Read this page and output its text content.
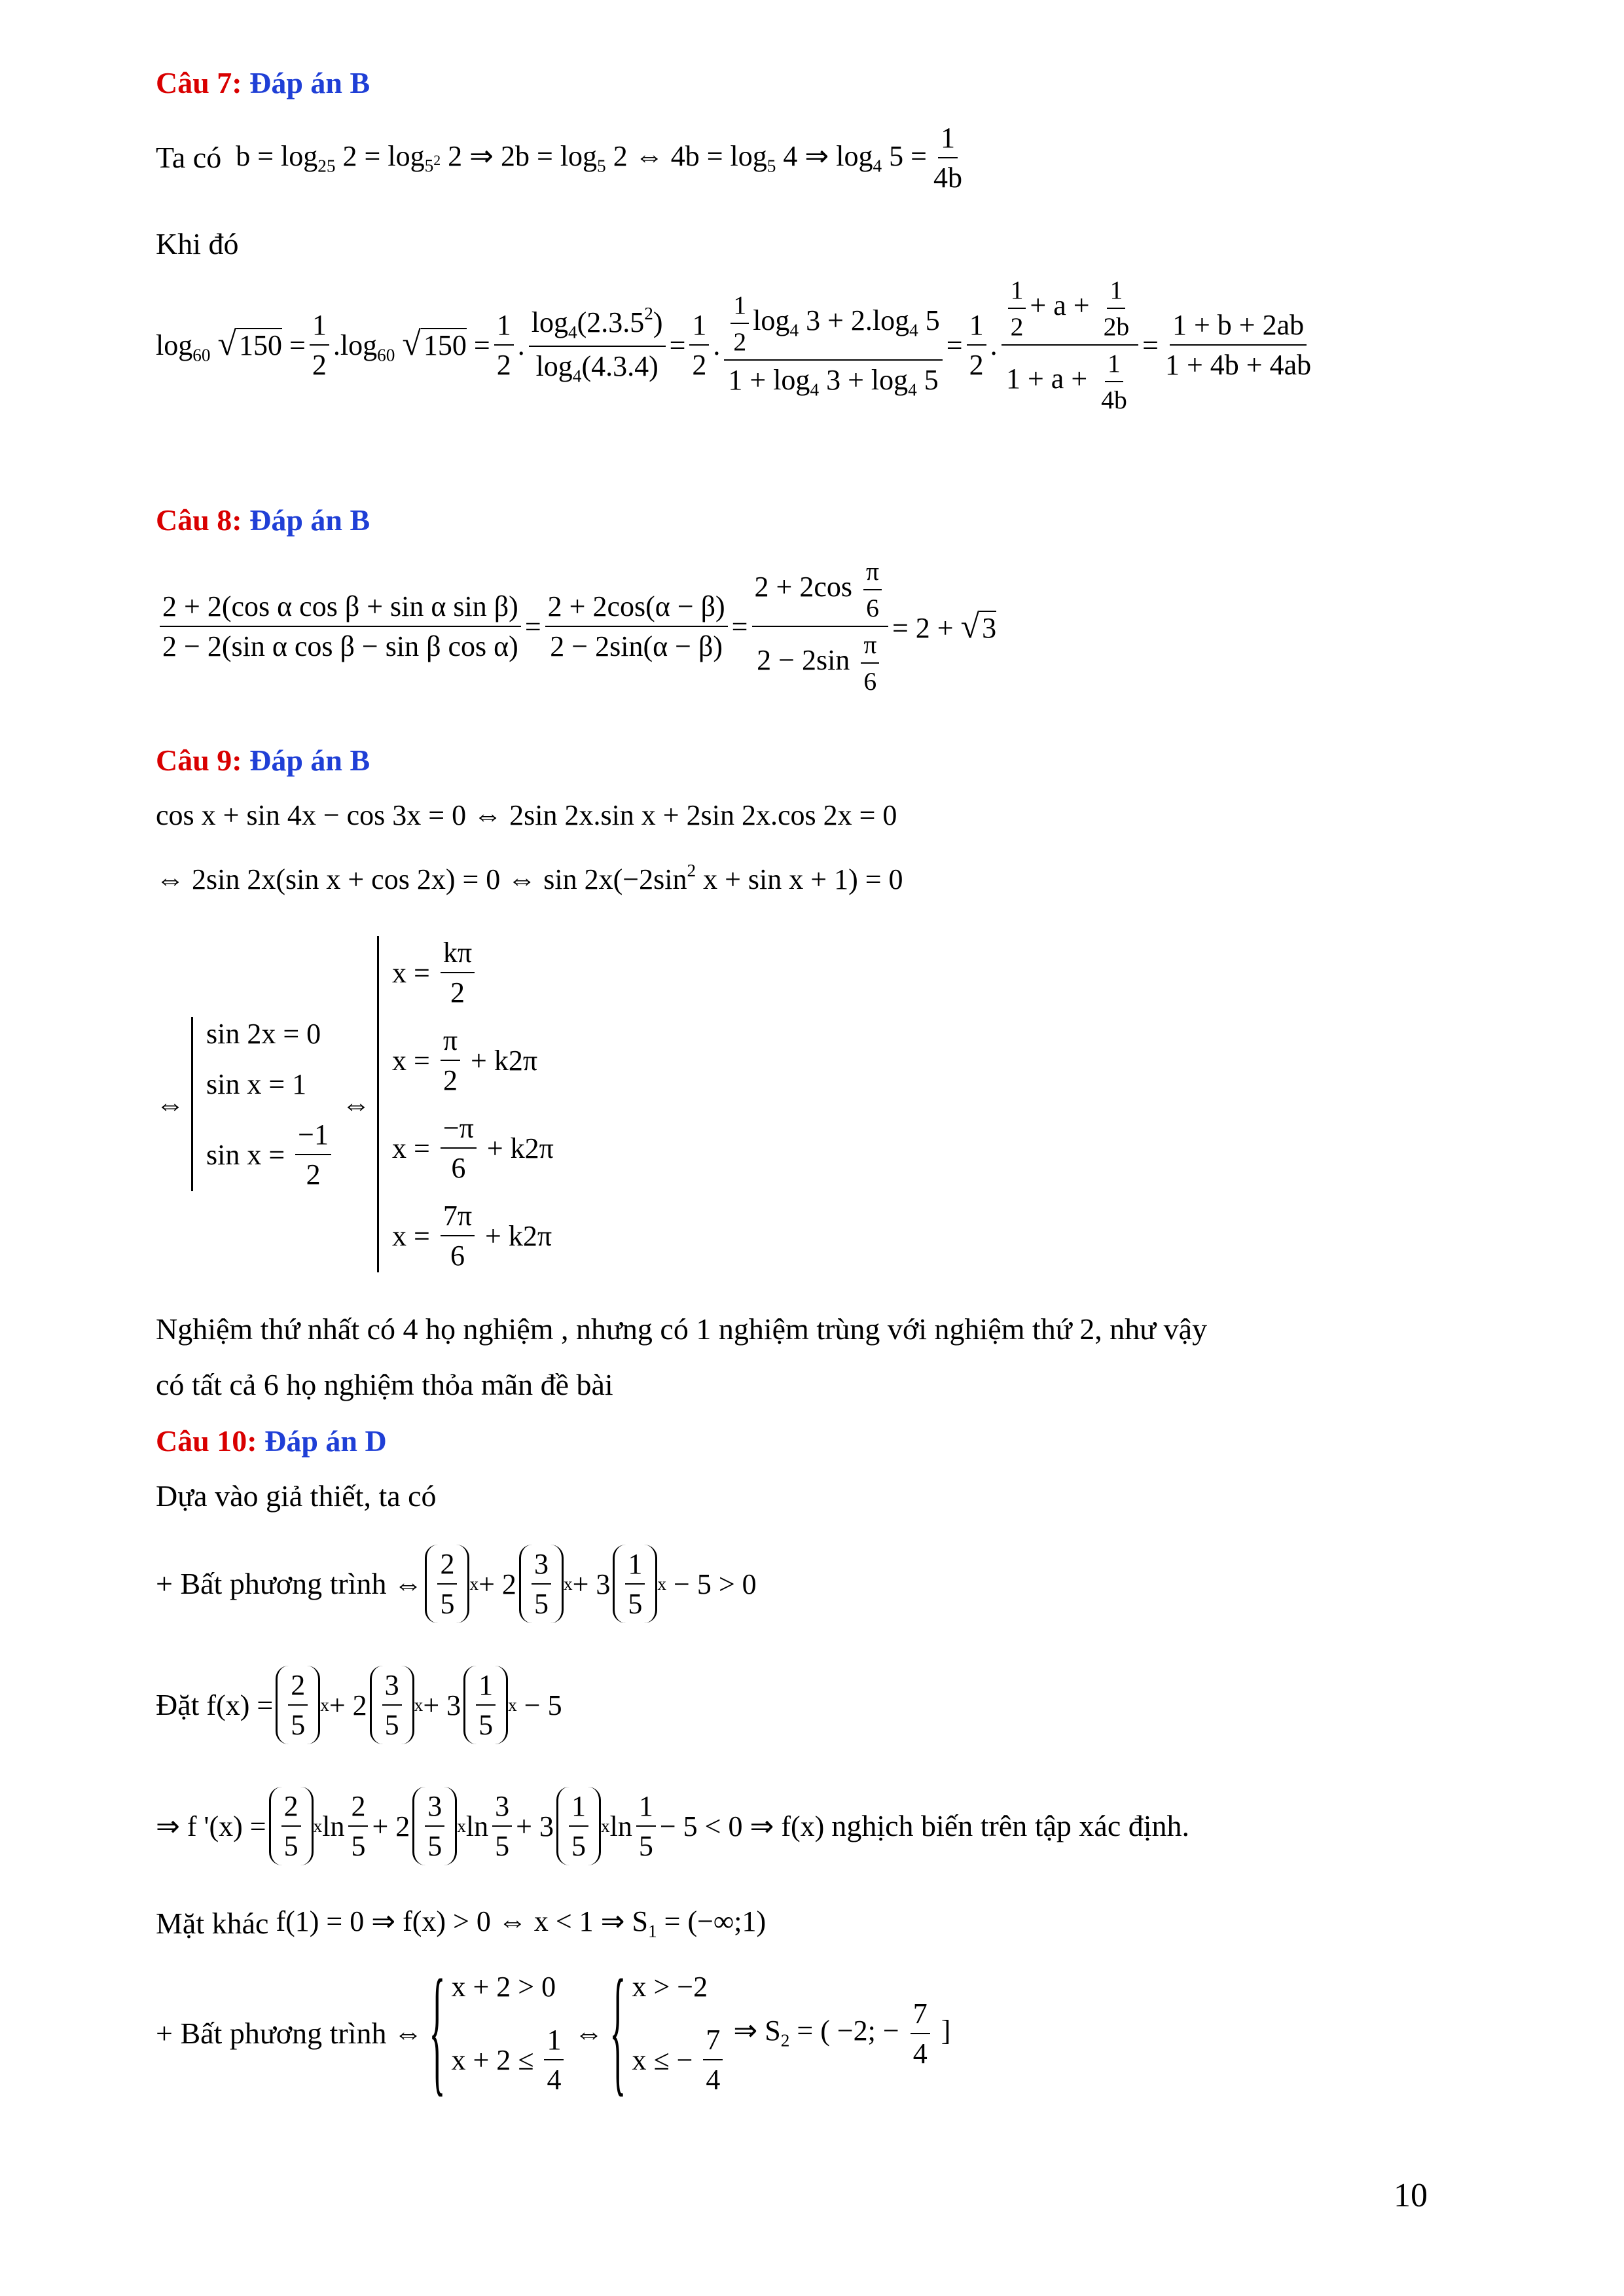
Câu 7: Đáp án B
Ta có $b = \log_{25} 2 = \log_{5^2} 2$ ⇒ $2b = \log_5 2$ ⇔ $4b = \log_5 4$ ⇒ $\log_4 5 = \frac{1}{4b}$
Khi đó
$\log_{60} √150 = \frac{1}{2} .\log_{60}$ $√150 = \frac{1}{2}$ . $\frac{\log_4(2.3.5^2)}{\log_4(4.3.4)} = \frac{1}{2}$ . $\frac{\frac{1}{2} \log_4 3 + 2.\log_4 5}{1 + \log_4 3 + \log_4 5} = \frac{1}{2}$ . $\frac{\frac{1}{2} + a + \frac{1}{2b}}{1 + a + \frac{1}{4b}} = \frac{1 + b + 2ab}{1 + 4b + 4ab}$
Câu 8: Đáp án B
$\frac{\text{2 + 2(cos α cos β + sin α sin β)}}{\text{2 − 2(sin α cos β − sin β cos α)}} = \frac{2 + 2\cos(\alpha - \beta)}{2 - 2\sin(\alpha - \beta)} = \frac{2 + 2\cos \frac{\pi}{6}}{2 - 2\sin \frac{\pi}{6}} = 2 + √3$
Câu 9: Đáp án B
cos x + sin 4x − cos 3x = 0 ⇔ 2sin 2x.sin x + 2sin 2x.cos 2x = 0
⇔ 2sin 2x(sin x + cos 2x) = 0 ⇔ $\sin 2x(-2\sin^2$ x + sin x + 1) = 0
⇔
sin 2x = 0
sin x = 1
$\sin x = \frac{-1}{2}$
⇔
$x = \frac{k\pi}{2}$
$x = \frac{\pi}{2} + k2\pi$
$x = \frac{-\pi}{6} + k2\pi$
$x = \frac{7\pi}{6} + k2\pi$
Nghiệm thứ nhất có 4 họ nghiệm , nhưng có 1 nghiệm trùng với nghiệm thứ 2, như vậy
có tất cả 6 họ nghiệm thỏa mãn đề bài
Câu 10: Đáp án D
Dựa vào giả thiết, ta có
+ Bất phương trình ⇔ $\frac{2}{5}$ $x + 2 \frac{3}{5}$ $x + 3 \frac{1}{5}$ x − 5 > 0
Đặt $f(x) = \frac{2}{5}$ $x + 2 \frac{3}{5}$ $x + 3 \frac{1}{5}$ x − 5
⇒ f '$(x) = \frac{2}{5}$ x $\ln \frac{2}{5} + 2 \frac{3}{5}$ x $\ln \frac{3}{5} + 3 \frac{1}{5}$ x $\ln \frac{1}{5} - 5 < 0$ ⇒ f(x) nghịch biến trên tập xác định.
Mặt khác f(1) = 0 ⇒ f(x) > 0 ⇔ x < 1 ⇒ $S_1$ = (−∞;1)
+ Bất phương trình ⇔
{ x + 2 > 0
$x + 2 \le \frac{1}{4}$ ⇔
{ x > −2
x ≤ − $\frac{7}{4}$ ⇒ $S_2$ = ( −2; − $\frac{7}{4}$ ]
10
